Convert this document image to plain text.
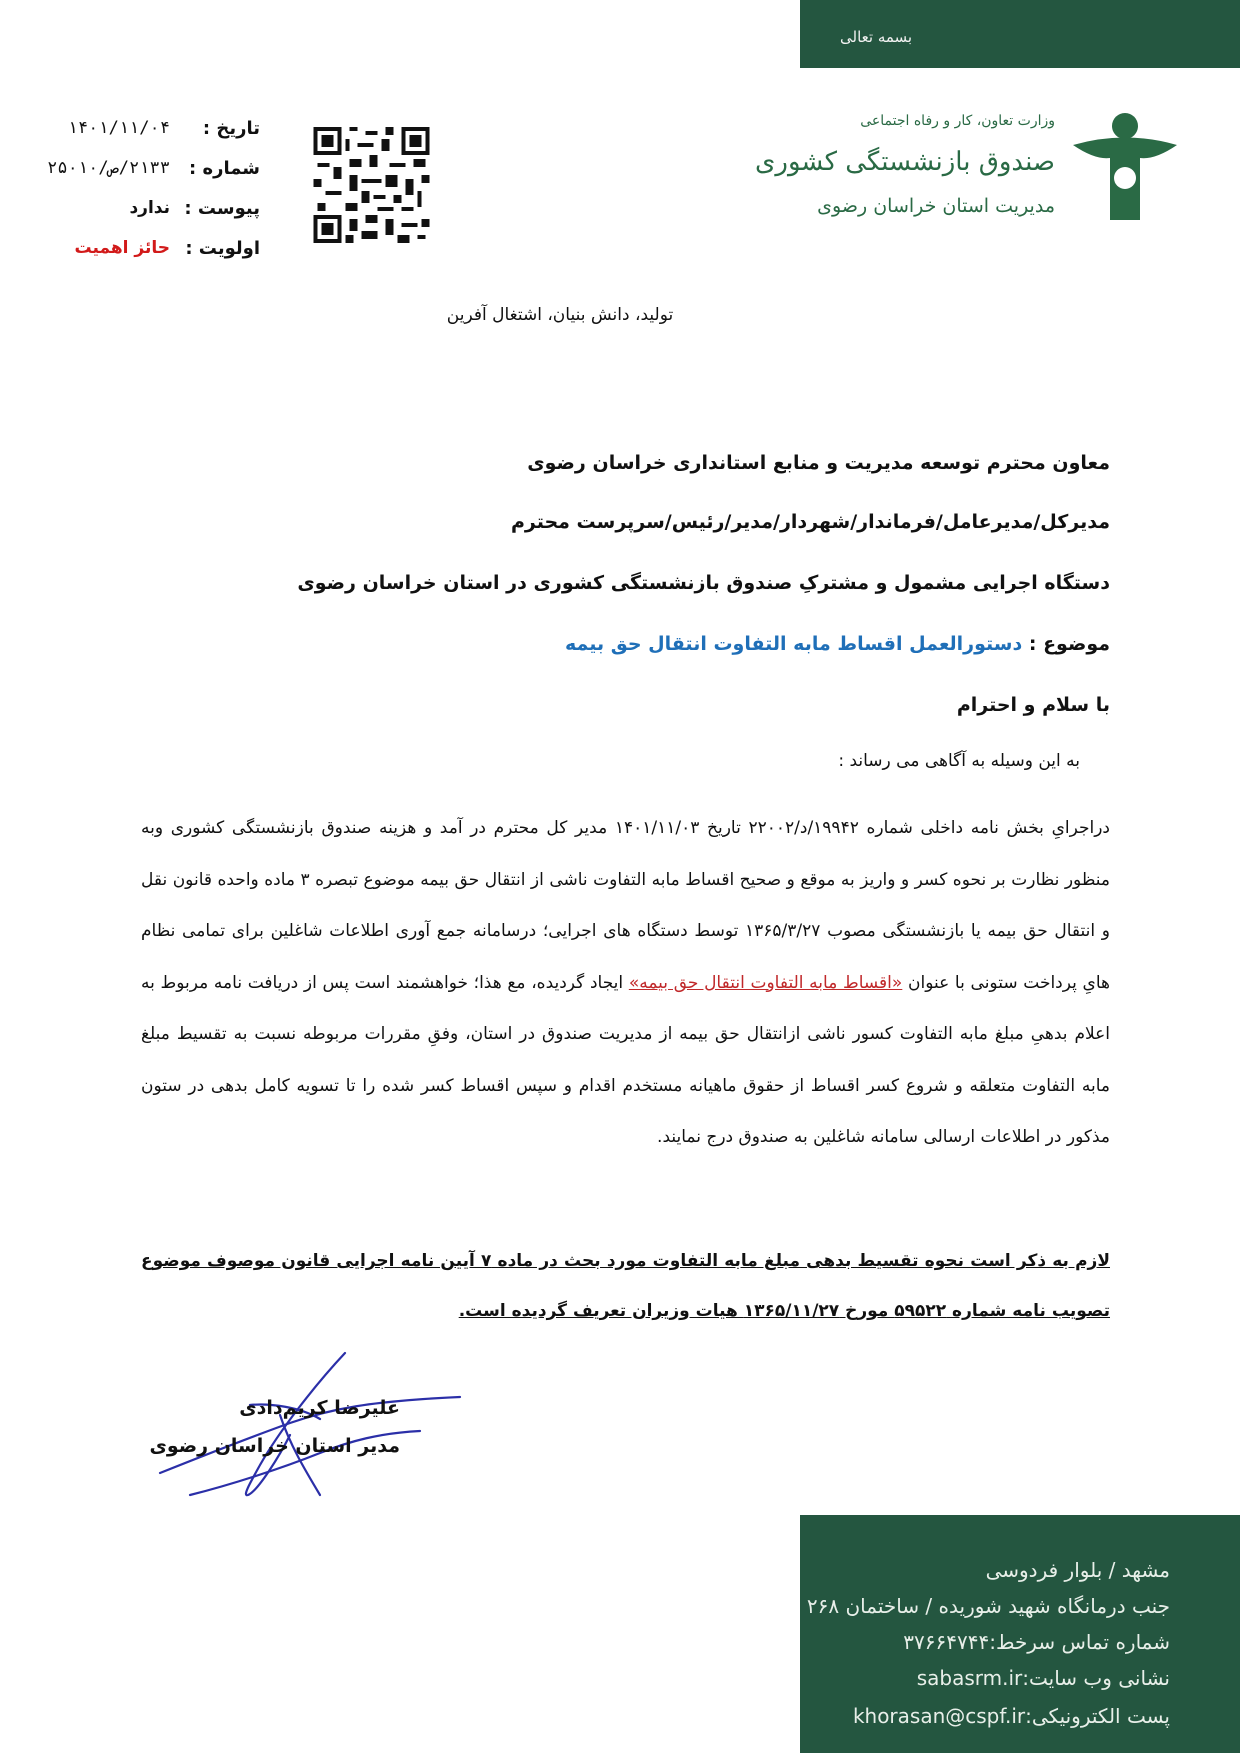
بسمه تعالی
وزارت تعاون، کار و رفاه اجتماعی
صندوق بازنشستگی کشوری
مدیریت استان خراسان رضوی
تاریخ :
۱۴۰۱/۱۱/۰۴
شماره :
۲۱۳۳/ص/۲۵۰۱۰
پیوست :
ندارد
اولویت :
حائز اهمیت
تولید، دانش بنیان، اشتغال آفرین
معاون محترم توسعه مدیریت و منابع استانداری خراسان رضوی
مدیرکل/مدیرعامل/فرماندار/شهردار/مدیر/رئیس/سرپرست محترم
دستگاه اجرایی مشمول و مشترکِ صندوق بازنشستگی کشوری در استان خراسان رضوی
موضوع : دستورالعمل اقساط مابه التفاوت انتقال حق بیمه
با سلام و احترام
به این وسیله به آگاهی می رساند :
دراجرایِ بخش نامه داخلی شماره ۱۹۹۴۲/د/۲۲۰۰۲ تاریخ ۱۴۰۱/۱۱/۰۳ مدیر کل محترم در آمد و هزینه صندوق بازنشستگی کشوری وبه منظور نظارت بر نحوه کسر و واریز به موقع و صحیح اقساط مابه التفاوت ناشی از انتقال حق بیمه موضوع تبصره ۳ ماده واحده قانون نقل و انتقال حق بیمه یا بازنشستگی مصوب ۱۳۶۵/۳/۲۷ توسط دستگاه های اجرایی؛ درسامانه جمع آوری اطلاعات شاغلین برای تمامی نظام هایِ پرداخت ستونی با عنوان «اقساط مابه التفاوت انتقال حق بیمه» ایجاد گردیده، مع هذا؛ خواهشمند است پس از دریافت نامه مربوط به اعلام بدهیِ مبلغ مابه التفاوت کسور ناشی ازانتقال حق بیمه از مدیریت صندوق در استان، وفقِ مقررات مربوطه نسبت به تقسیط مبلغ مابه التفاوت متعلقه و شروع کسر اقساط از حقوق ماهیانه مستخدم اقدام و سپس اقساط کسر شده را تا تسویه کامل بدهی در ستون مذکور در اطلاعات ارسالی سامانه شاغلین به صندوق درج نمایند.
لازم به ذکر است نحوه تقسیط بدهی مبلغ مابه التفاوت مورد بحث در ماده ۷ آیین نامه اجرایی قانون موصوف موضوع تصویب نامه شماره ۵۹۵۲۲ مورخ ۱۳۶۵/۱۱/۲۷ هیات وزیران تعریف گردیده است.
علیرضا کریم‌دادی
مدیر استان خراسان رضوی
مشهد / بلوار فردوسی
جنب درمانگاه شهید شوریده / ساختمان ۲۶۸
شماره تماس سرخط:۳۷۶۶۴۷۴۴
نشانی وب سایت:sabasrm.ir
پست الکترونیکی:khorasan@cspf.ir
